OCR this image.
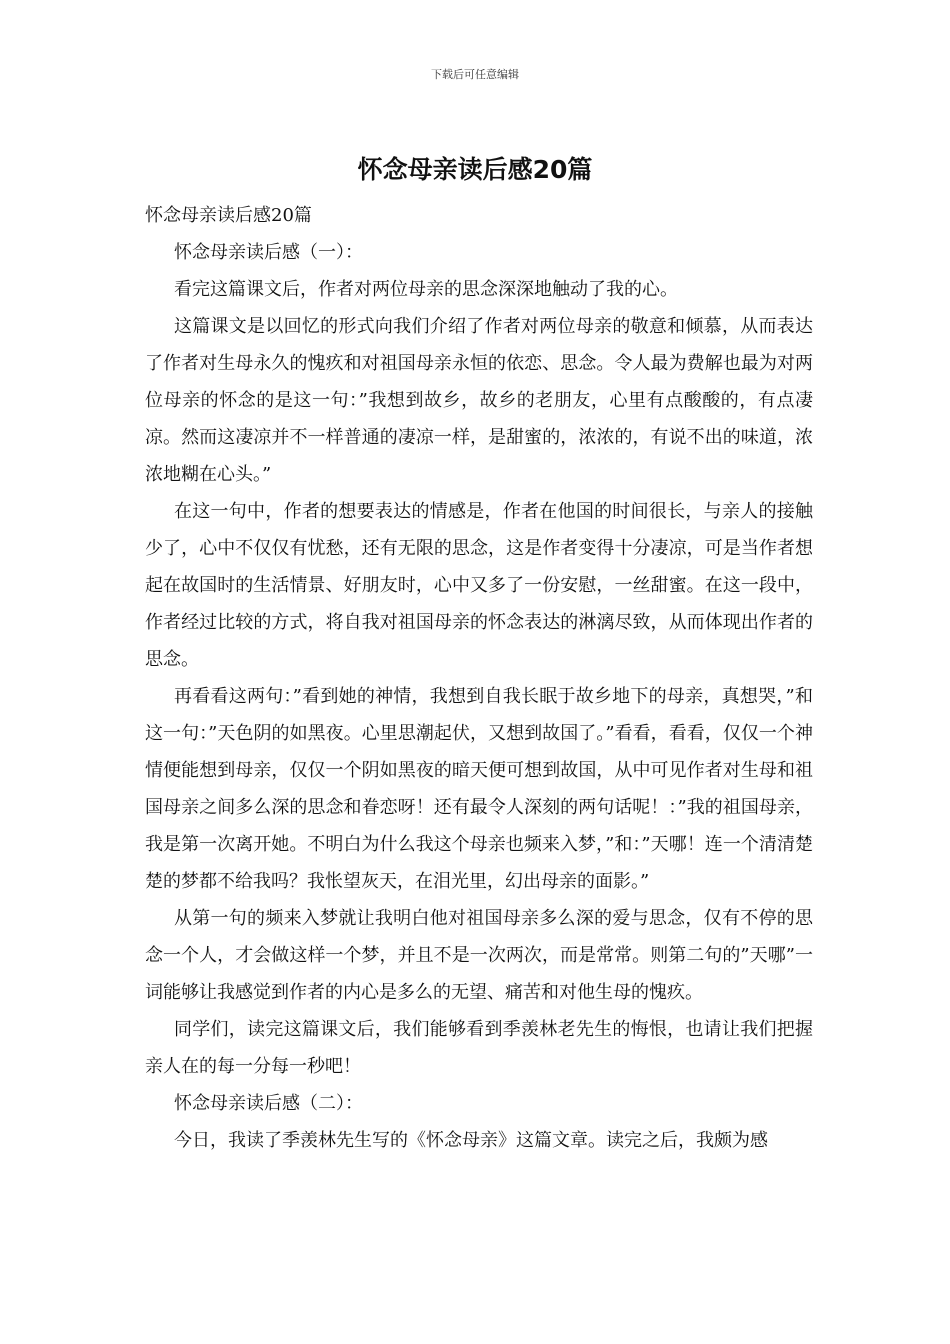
下载后可任意编辑
怀念母亲读后感20篇

怀念母亲读后感20篇

怀念母亲读后感（一）：

看完这篇课文后，作者对两位母亲的思念深深地触动了我的心。

这篇课文是以回忆的形式向我们介绍了作者对两位母亲的敬意和倾慕，从而表达了作者对生母永久的愧疚和对祖国母亲永恒的依恋、思念。令人最为费解也最为对两位母亲的怀念的是这一句：”我想到故乡，故乡的老朋友，心里有点酸酸的，有点凄凉。然而这凄凉并不一样普通的凄凉一样，是甜蜜的，浓浓的，有说不出的味道，浓浓地糊在心头。”

在这一句中，作者的想要表达的情感是，作者在他国的时间很长，与亲人的接触少了，心中不仅仅有忧愁，还有无限的思念，这是作者变得十分凄凉，可是当作者想起在故国时的生活情景、好朋友时，心中又多了一份安慰，一丝甜蜜。在这一段中，作者经过比较的方式，将自我对祖国母亲的怀念表达的淋漓尽致，从而体现出作者的思念。

再看看这两句：”看到她的神情，我想到自我长眠于故乡地下的母亲，真想哭，”和这一句：”天色阴的如黑夜。心里思潮起伏，又想到故国了。”看看，看看，仅仅一个神情便能想到母亲，仅仅一个阴如黑夜的暗天便可想到故国，从中可见作者对生母和祖国母亲之间多么深的思念和眷恋呀！还有最令人深刻的两句话呢！：”我的祖国母亲，我是第一次离开她。不明白为什么我这个母亲也频来入梦，”和：”天哪！连一个清清楚楚的梦都不给我吗？我怅望灰天，在泪光里，幻出母亲的面影。”

从第一句的频来入梦就让我明白他对祖国母亲多么深的爱与思念，仅有不停的思念一个人，才会做这样一个梦，并且不是一次两次，而是常常。则第二句的”天哪”一词能够让我感觉到作者的内心是多么的无望、痛苦和对他生母的愧疚。

同学们，读完这篇课文后，我们能够看到季羡林老先生的悔恨，也请让我们把握亲人在的每一分每一秒吧！

怀念母亲读后感（二）：

今日，我读了季羡林先生写的《怀念母亲》这篇文章。读完之后，我颇为感
